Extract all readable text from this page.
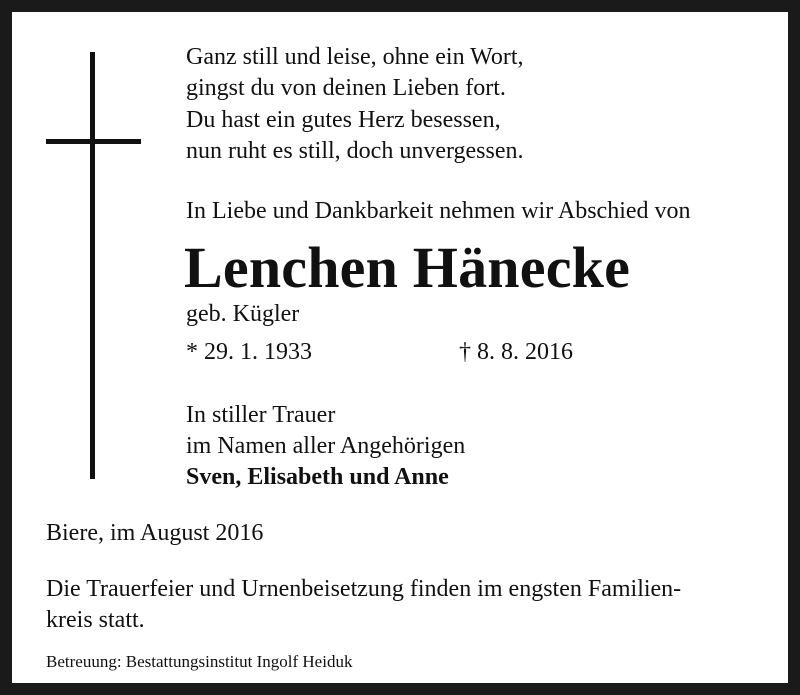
Ganz still und leise, ohne ein Wort,
gingst du von deinen Lieben fort.
Du hast ein gutes Herz besessen,
nun ruht es still, doch unvergessen.
In Liebe und Dankbarkeit nehmen wir Abschied von
Lenchen Hänecke
geb. Kügler
* 29. 1. 1933	† 8. 8. 2016
In stiller Trauer
im Namen aller Angehörigen
Sven, Elisabeth und Anne
Biere, im August 2016
Die Trauerfeier und Urnenbeisetzung finden im engsten Familien-
kreis statt.
Betreuung: Bestattungsinstitut Ingolf Heiduk
